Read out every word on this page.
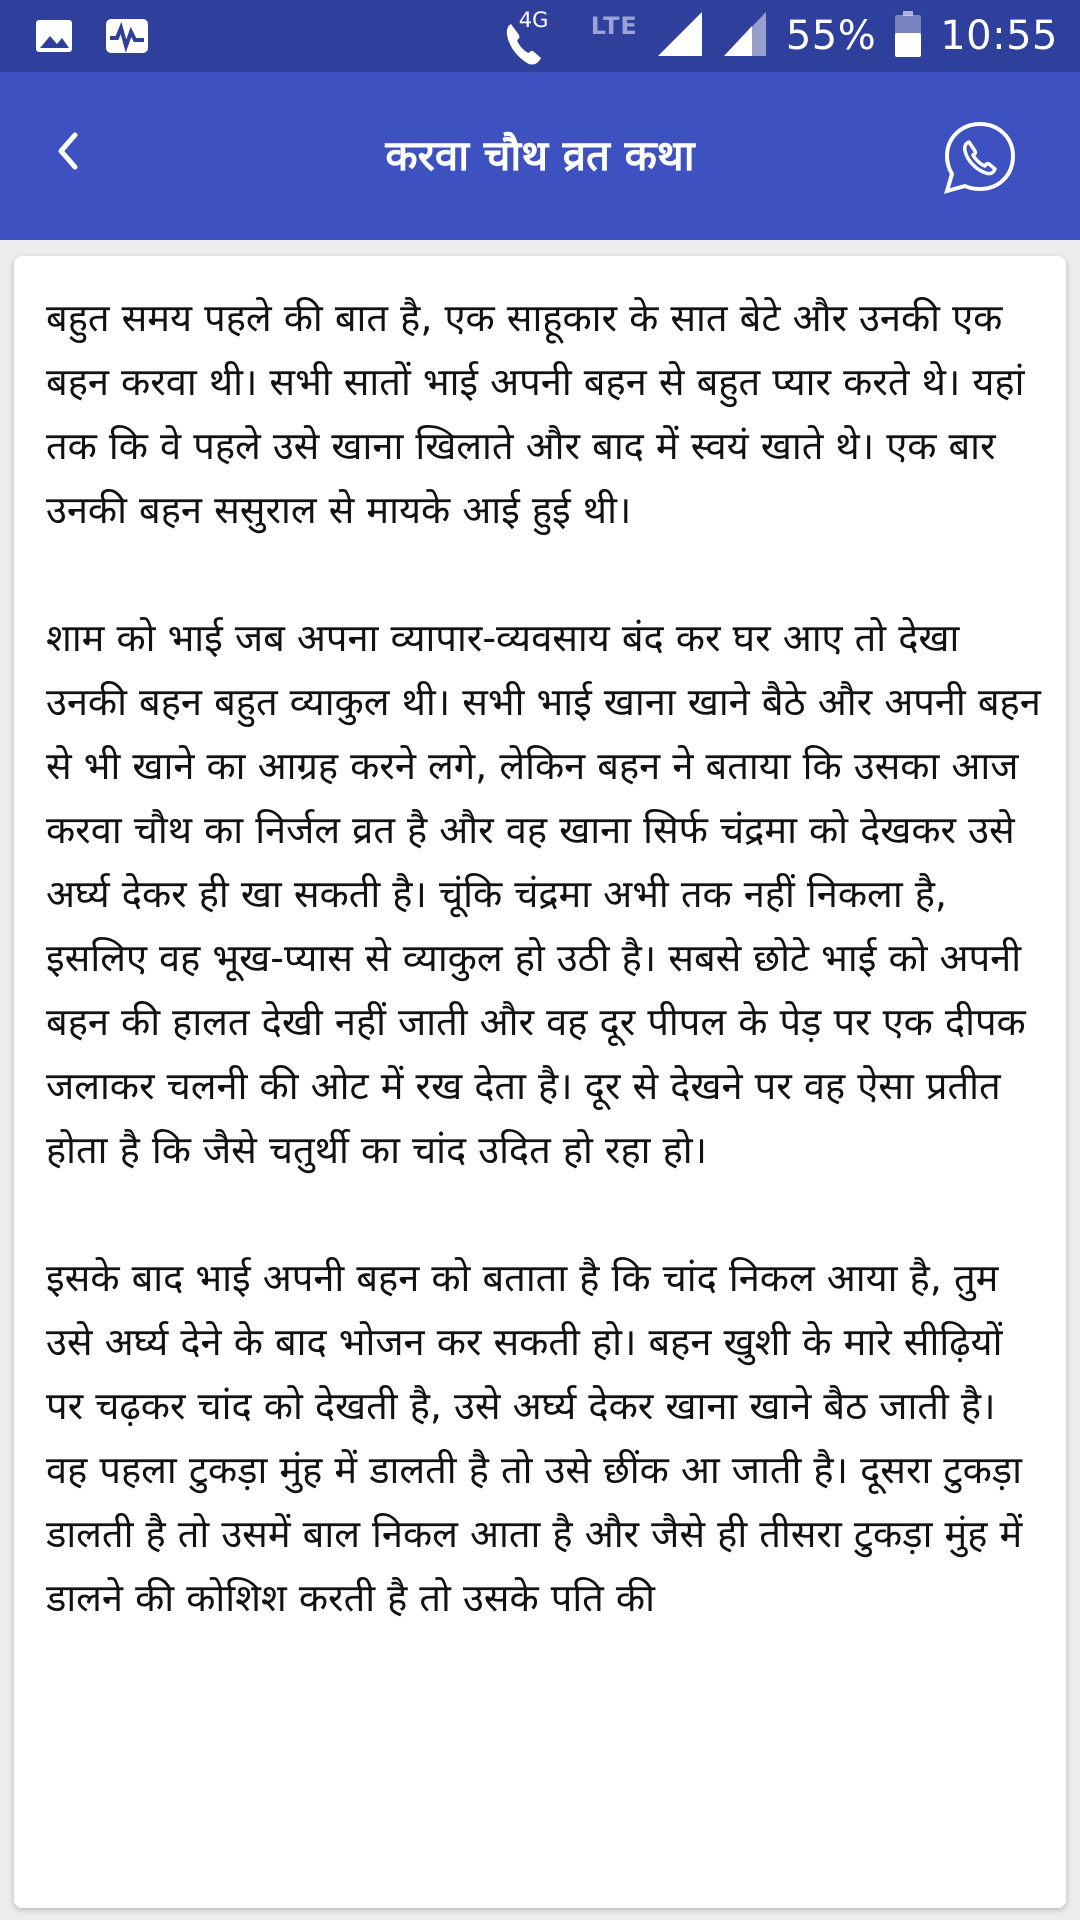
4G LTE	55% 10:55
करवा चौथ व्रत कथा

बहुत समय पहले की बात है, एक साहूकार के सात बेटे और उनकी एक बहन करवा थी। सभी सातों भाई अपनी बहन से बहुत प्यार करते थे। यहां तक कि वे पहले उसे खाना खिलाते और बाद में स्वयं खाते थे। एक बार उनकी बहन ससुराल से मायके आई हुई थी।

शाम को भाई जब अपना व्यापार-व्यवसाय बंद कर घर आए तो देखा उनकी बहन बहुत व्याकुल थी। सभी भाई खाना खाने बैठे और अपनी बहन से भी खाने का आग्रह करने लगे, लेकिन बहन ने बताया कि उसका आज करवा चौथ का निर्जल व्रत है और वह खाना सिर्फ चंद्रमा को देखकर उसे अर्घ्य देकर ही खा सकती है। चूंकि चंद्रमा अभी तक नहीं निकला है, इसलिए वह भूख-प्यास से व्याकुल हो उठी है। सबसे छोटे भाई को अपनी बहन की हालत देखी नहीं जाती और वह दूर पीपल के पेड़ पर एक दीपक जलाकर चलनी की ओट में रख देता है। दूर से देखने पर वह ऐसा प्रतीत होता है कि जैसे चतुर्थी का चांद उदित हो रहा हो।

इसके बाद भाई अपनी बहन को बताता है कि चांद निकल आया है, तुम उसे अर्घ्य देने के बाद भोजन कर सकती हो। बहन खुशी के मारे सीढ़ियों पर चढ़कर चांद को देखती है, उसे अर्घ्य देकर खाना खाने बैठ जाती है। वह पहला टुकड़ा मुंह में डालती है तो उसे छींक आ जाती है। दूसरा टुकड़ा डालती है तो उसमें बाल निकल आता है और जैसे ही तीसरा टुकड़ा मुंह में डालने की कोशिश करती है तो उसके पति की
